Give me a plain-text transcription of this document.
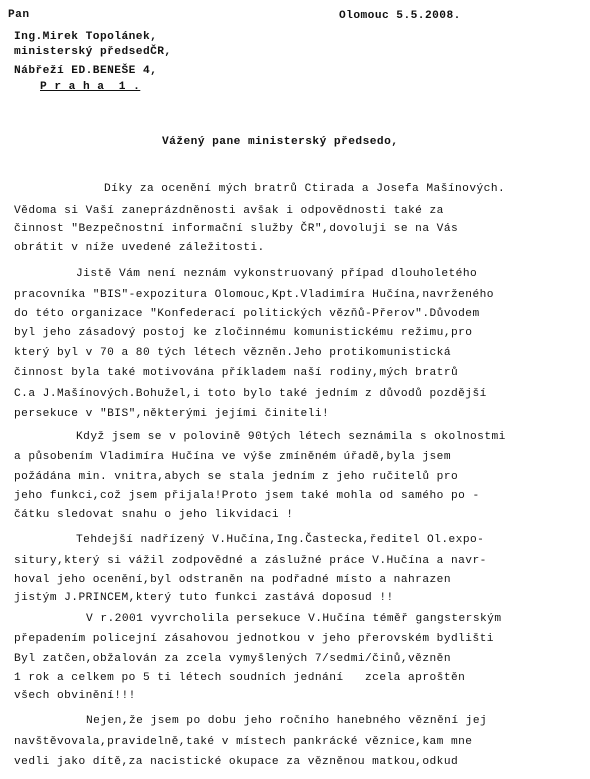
Pan	Olomouc 5.5.2008.
Ing.Mirek Topolánek,
ministerský předsedČR,
Nábřeží ED.BENEŠE 4,
P r a h a  1 .
Vážený pane ministerský předsedo,
Díky za ocenění mých bratrů Ctirada a Josefa Mašínových.
Vědoma si Vaší zaneprázdněnosti avšak i odpovědnosti také za
činnost "Bezpečnostní informační služby ČR",dovoluji se na Vás
obrátit v níže uvedené záležitosti.
Jistě Vám není neznám vykonstruovaný případ dlouholetého
pracovníka "BIS"-expozitura Olomouc,Kpt.Vladimíra Hučína,navrženého
do této organizace "Konfederací politických vězňů-Přerov".Důvodem
byl jeho zásadový postoj ke zločinnému komunistickému režimu,pro
který byl v 70 a 80 tých létech vězněn.Jeho protikomunistická
činnost byla také motivována příkladem naší rodiny,mých bratrů
C.a J.Mašínových.Bohužel,i toto bylo také jedním z důvodů pozdější
persekuce v "BIS",některými jejími činiteli!
Když jsem se v polovině 90tých létech seznámila s okolnostmi
a působením Vladimíra Hučína ve výše zmíněném úřadě,byla jsem
požádána min. vnitra,abych se stala jedním z jeho ručitelů pro
jeho funkci,což jsem přijala!Proto jsem také mohla od samého po -
čátku sledovat snahu o jeho likvidaci !
Tehdejší nadřízený V.Hučína,Ing.Častecka,ředitel Ol.expo-
situry,který si vážil zodpovědné a záslužné práce V.Hučína a navr-
hoval jeho ocenění,byl odstraněn na podřadné místo a nahrazen
jistým J.PRINCEM,který tuto funkci zastává doposud !!
V r.2001 vyvrcholila persekuce V.Hučína téměř gangsterským
přepadením policejní zásahovou jednotkou v jeho přerovském bydlišti
Byl zatčen,obžalován za zcela vymyšlených 7/sedmi/činů,vězněn
1 rok a celkem po 5 ti létech soudních jednání   zcela aproštěn
všech obvinění!!!
Nejen,že jsem po dobu jeho ročního hanebného věznění jej
navštěvovala,pravidelně,také v místech pankrácké věznice,kam mne
vedli jako dítě,za nacistické okupace za vězněnou matkou,odkud
